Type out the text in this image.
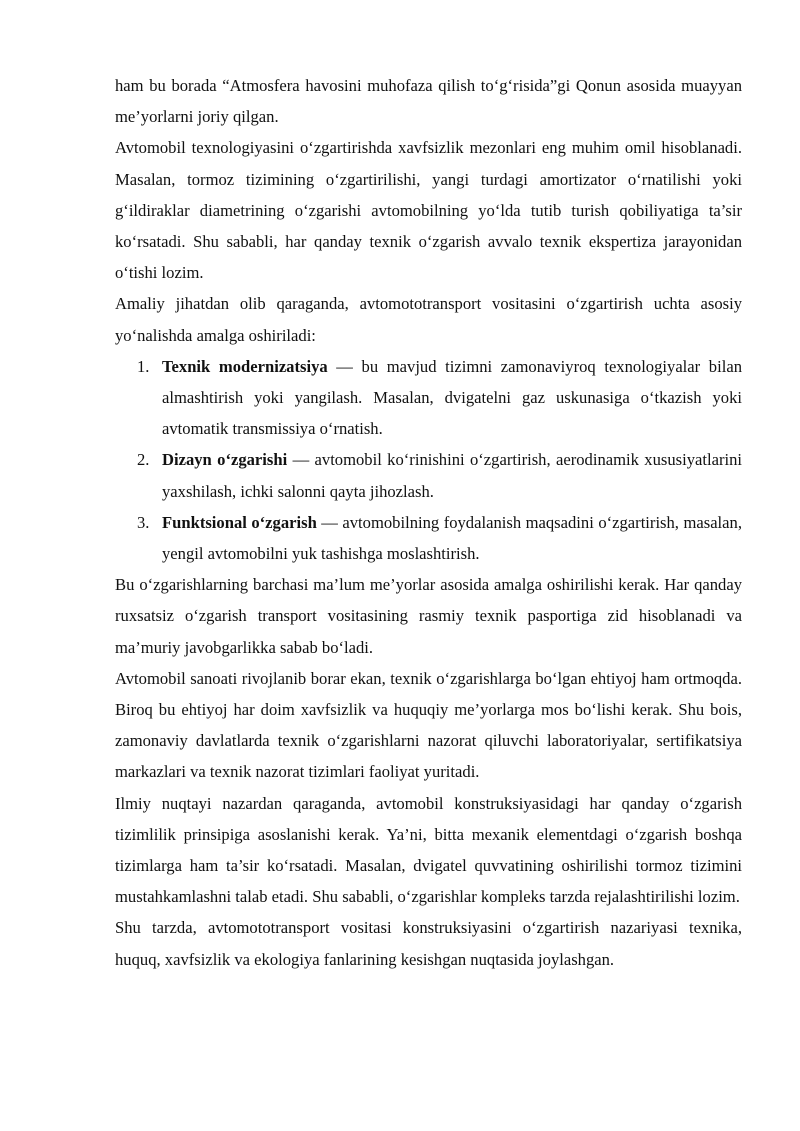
ham bu borada “Atmosfera havosini muhofaza qilish to‘g‘risida”gi Qonun asosida muayyan me’yorlarni joriy qilgan.

Avtomobil texnologiyasini o‘zgartirishda xavfsizlik mezonlari eng muhim omil hisoblanadi. Masalan, tormoz tizimining o‘zgartirilishi, yangi turdagi amortizator o‘rnatilishi yoki g‘ildiraklar diametrining o‘zgarishi avtomobilning yo‘lda tutib turish qobiliyatiga ta’sir ko‘rsatadi. Shu sababli, har qanday texnik o‘zgarish avvalo texnik ekspertiza jarayonidan o‘tishi lozim.

Amaliy jihatdan olib qaraganda, avtomototransport vositasini o‘zgartirish uchta asosiy yo‘nalishda amalga oshiriladi:

1. Texnik modernizatsiya — bu mavjud tizimni zamonaviyroq texnologiyalar bilan almashtirish yoki yangilash. Masalan, dvigatelni gaz uskunasiga o‘tkazish yoki avtomatik transmissiya o‘rnatish.
2. Dizayn o‘zgarishi — avtomobil ko‘rinishini o‘zgartirish, aerodinamik xususiyatlarini yaxshilash, ichki salonni qayta jihozlash.
3. Funktsional o‘zgarish — avtomobilning foydalanish maqsadini o‘zgartirish, masalan, yengil avtomobilni yuk tashishga moslashtirish.

Bu o‘zgarishlarning barchasi ma’lum me’yorlar asosida amalga oshirilishi kerak. Har qanday ruxsatsiz o‘zgarish transport vositasining rasmiy texnik pasportiga zid hisoblanadi va ma’muriy javobgarlikka sabab bo‘ladi.

Avtomobil sanoati rivojlanib borar ekan, texnik o‘zgarishlarga bo‘lgan ehtiyoj ham ortmoqda. Biroq bu ehtiyoj har doim xavfsizlik va huquqiy me’yorlarga mos bo‘lishi kerak. Shu bois, zamonaviy davlatlarda texnik o‘zgarishlarni nazorat qiluvchi laboratoriyalar, sertifikatsiya markazlari va texnik nazorat tizimlari faoliyat yuritadi.

Ilmiy nuqtayi nazardan qaraganda, avtomobil konstruksiyasidagi har qanday o‘zgarish tizimlilik prinsipiga asoslanishi kerak. Ya’ni, bitta mexanik elementdagi o‘zgarish boshqa tizimlarga ham ta’sir ko‘rsatadi. Masalan, dvigatel quvvatining oshirilishi tormoz tizimini mustahkamlashni talab etadi. Shu sababli, o‘zgarishlar kompleks tarzda rejalashtirilishi lozim.

Shu tarzda, avtomototransport vositasi konstruksiyasini o‘zgartirish nazariyasi texnika, huquq, xavfsizlik va ekologiya fanlarining kesishgan nuqtasida joylashgan.
